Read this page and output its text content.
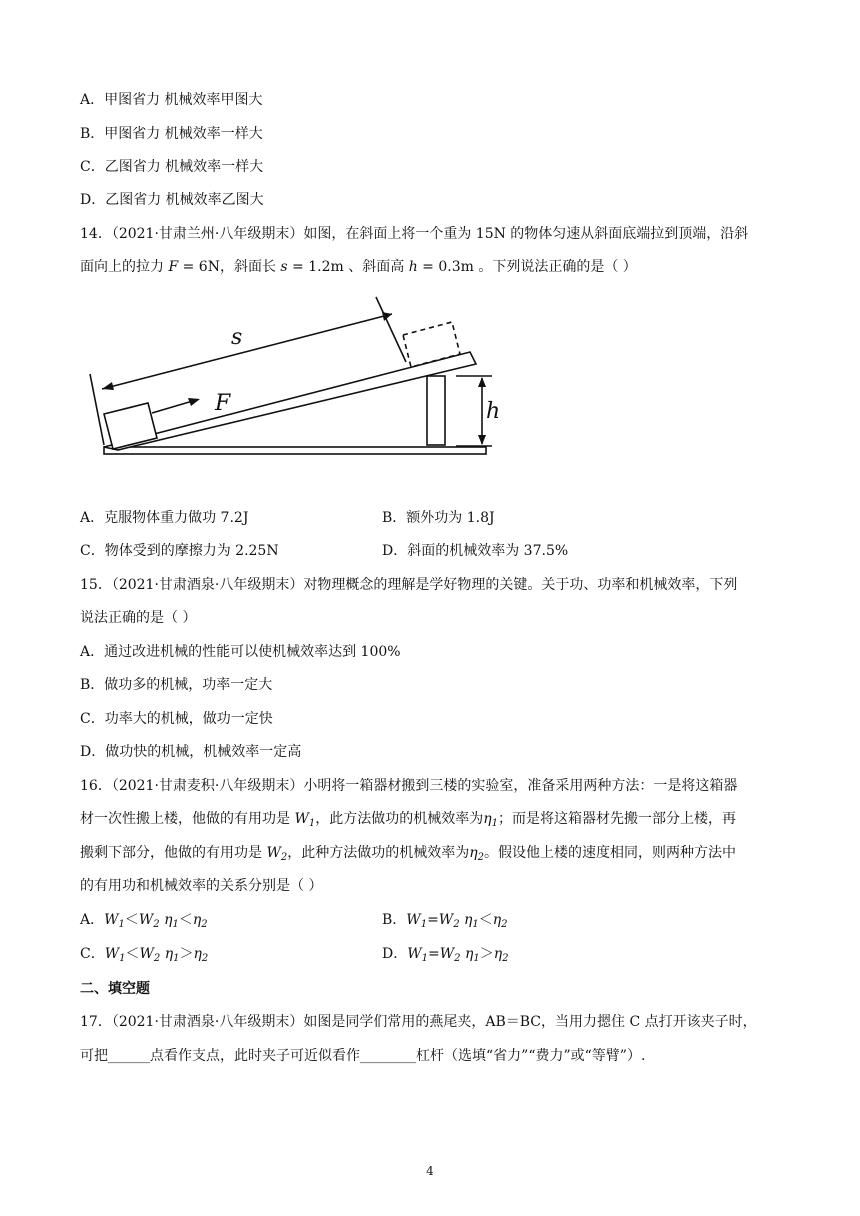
A．甲图省力 机械效率甲图大
B．甲图省力 机械效率一样大
C．乙图省力 机械效率一样大
D．乙图省力 机械效率乙图大
14．（2021·甘肃兰州·八年级期末）如图，在斜面上将一个重为 15N 的物体匀速从斜面底端拉到顶端，沿斜
面向上的拉力 F = 6N，斜面长 s = 1.2m 、斜面高 h = 0.3m 。下列说法正确的是（ ）
s
F	h
A．克服物体重力做功 7.2J	B．额外功为 1.8J
C．物体受到的摩擦力为 2.25N	D．斜面的机械效率为 37.5%
15．（2021·甘肃酒泉·八年级期末）对物理概念的理解是学好物理的关键。关于功、功率和机械效率，下列
说法正确的是（ ）
A．通过改进机械的性能可以使机械效率达到 100%
B．做功多的机械，功率一定大
C．功率大的机械，做功一定快
D．做功快的机械，机械效率一定高
16．（2021·甘肃麦积·八年级期末）小明将一箱器材搬到三楼的实验室，准备采用两种方法：一是将这箱器
材一次性搬上楼，他做的有用功是 $W_1$，此方法做功的机械效率为$\eta_1$；而是将这箱器材先搬一部分上楼，再
搬剩下部分，他做的有用功是 $W_2$，此种方法做功的机械效率为$\eta_2$。假设他上楼的速度相同，则两种方法中
的有用功和机械效率的关系分别是（ ）
A．$W_1<W_2$ $\eta_1<\eta_2$	B．$W_1=W_2$ $\eta_1<\eta_2$
C．$W_1<W_2$ $\eta_1>\eta_2$	D．$W_1=W_2$ $\eta_1>\eta_2$
二、填空题
17．（2021·甘肃酒泉·八年级期末）如图是同学们常用的燕尾夹，AB＝BC，当用力摁住 C 点打开该夹子时，
可把______点看作支点，此时夹子可近似看作________杠杆（选填“省力”“费力”或“等臂”）.
4
